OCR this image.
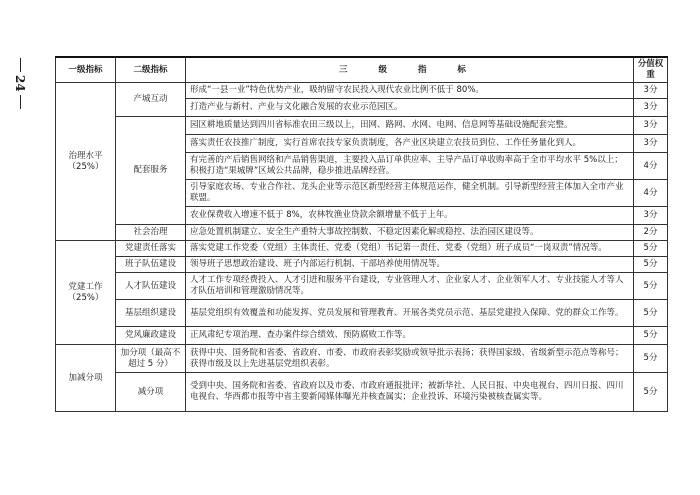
24
一级指标	二级指标	三 级 指 标	分值权重
治理水平（25%）	产城互动	形成“一县一业”特色优势产业，吸纳留守农民投入现代农业比例不低于 80%。	3分
		打造产业与新村、产业与文化融合发展的农业示范园区。	3分
	配套服务	园区耕地质量达到四川省标准农田三级以上，田网、路网、水网、电网、信息网等基础设施配套完整。	3分
		落实责任农技推广制度，实行首席农技专家负责制度，各产业区块建立农技员到位、工作任务量化到人。	3分
		有完善的产后销售网络和产品销售渠道，主要投入品订单供应率、主导产品订单收购率高于全市平均水平 5%以上；积极打造“果城牌”区域公共品牌，稳步推进品牌经营。	4分
		引导家庭农场、专业合作社、龙头企业等示范区新型经营主体规范运作，健全机制。引导新型经营主体加入全市产业联盟。	4分
		农业保费收入增速不低于 8%，农林牧渔业贷款余额增量不低于上年。	3分
	社会治理	应急处置机制建立、安全生产重特大事故控制数、不稳定因素化解或稳控、法治园区建设等。	2分
党建工作（25%）	党建责任落实	落实党建工作党委（党组）主体责任、党委（党组）书记第一责任、党委（党组）班子成员“一岗双责”情况等。	5分
	班子队伍建设	领导班子思想政治建设、班子内部运行机制、干部培养使用情况等。	5分
	人才队伍建设	人才工作专项经费投入、人才引进和服务平台建设，专业管理人才、企业家人才、企业领军人才、专业技能人才等人才队伍培训和管理激励情况等。	5分
	基层组织建设	基层党组织有效覆盖和功能发挥、党员发展和管理教育、开展各类党员示范、基层党建投入保障、党的群众工作等。	5分
	党风廉政建设	正风肃纪专项治理、查办案件综合绩效、预防腐败工作等。	5分
加减分项	加分项（最高不超过 5 分）	获得中央、国务院和省委、省政府、市委、市政府表彰奖励或领导批示表扬；获得国家级、省级新型示范点等称号；获得市级及以上先进基层党组织表彰。	5分
	减分项	受到中央、国务院和省委、省政府以及市委、市政府通报批评；被新华社、人民日报、中央电视台、四川日报、四川电视台、华西都市报等中省主要新闻媒体曝光并核查属实；企业投诉、环境污染被核查属实等。	5分
